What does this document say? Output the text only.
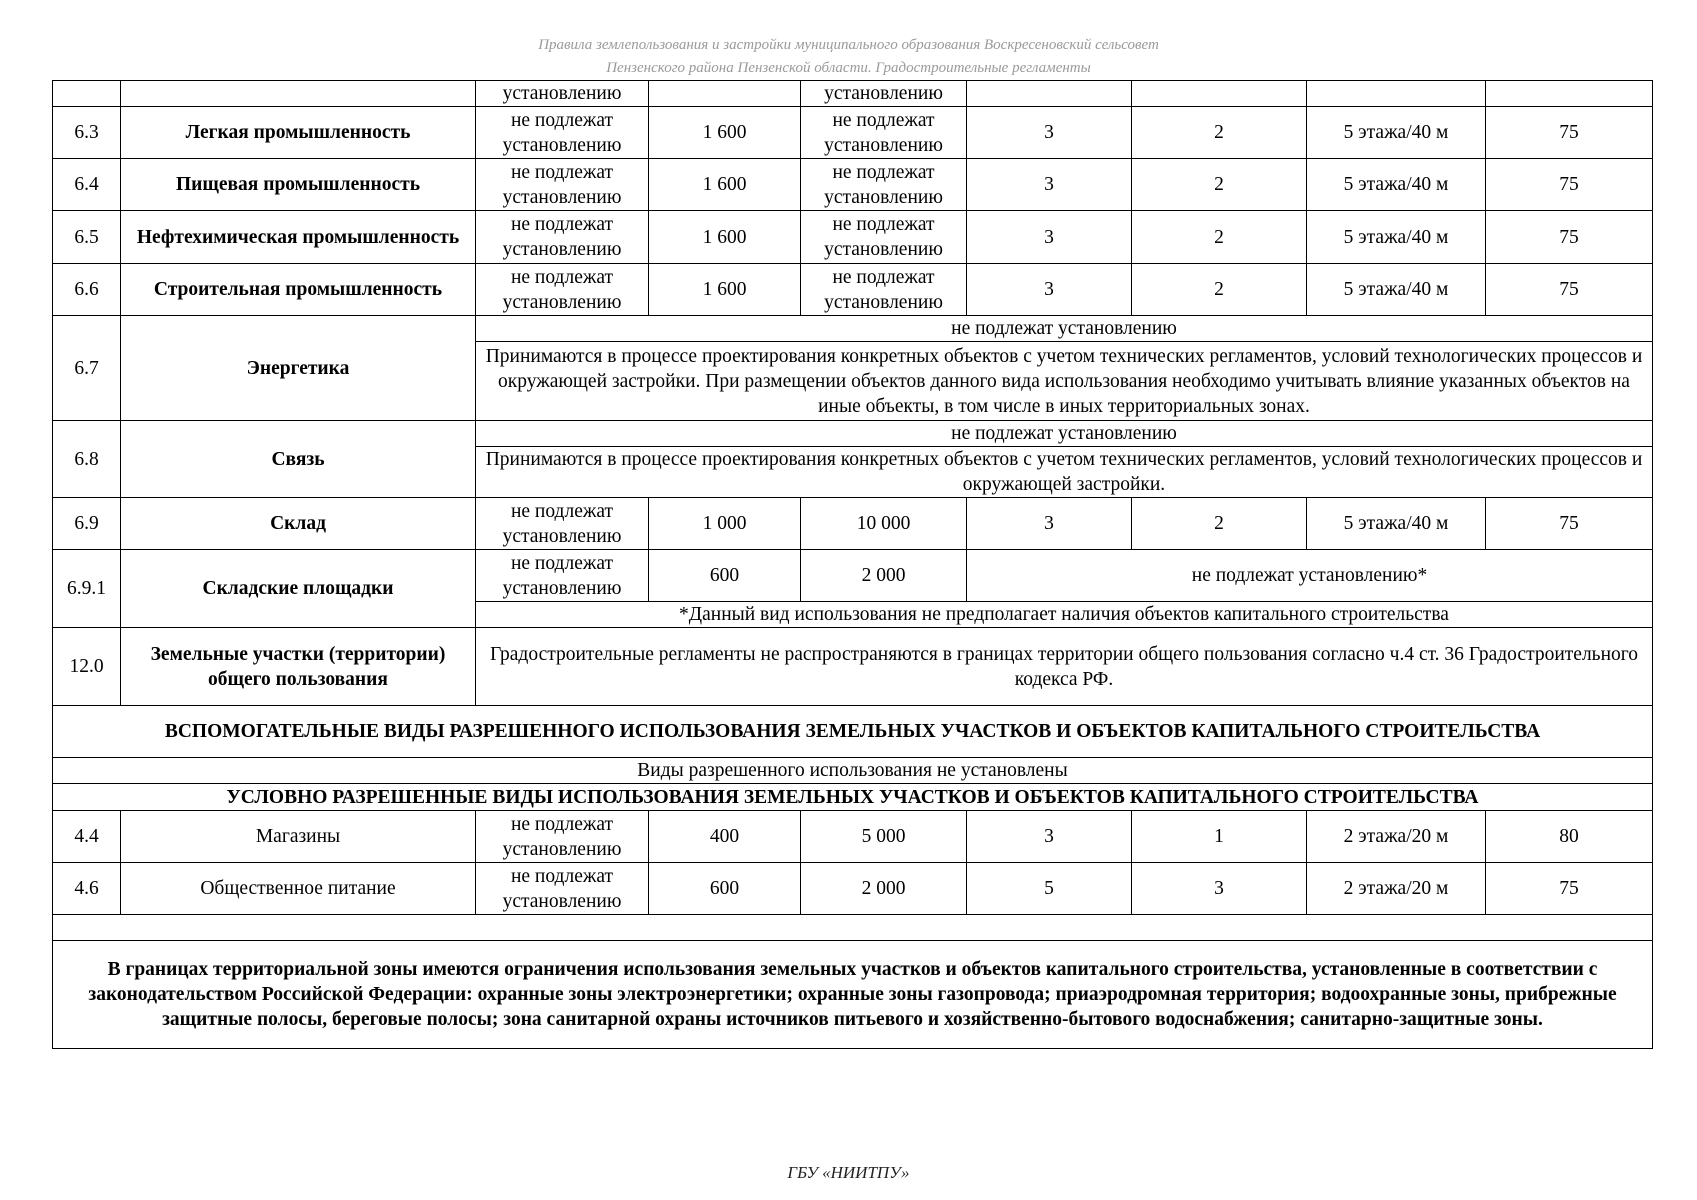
Правила землепользования и застройки муниципального образования Воскресеновский сельсовет
Пензенского района Пензенской области. Градостроительные регламенты
		установлению		установлению				
6.3	Легкая промышленность	не подлежат установлению	1 600	не подлежат установлению	3	2	5 этажа/40 м	75
6.4	Пищевая промышленность	не подлежат установлению	1 600	не подлежат установлению	3	2	5 этажа/40 м	75
6.5	Нефтехимическая промышленность	не подлежат установлению	1 600	не подлежат установлению	3	2	5 этажа/40 м	75
6.6	Строительная промышленность	не подлежат установлению	1 600	не подлежат установлению	3	2	5 этажа/40 м	75
6.7	Энергетика	не подлежат установлению						
		Принимаются в процессе проектирования конкретных объектов с учетом технических регламентов, условий технологических процессов и окружающей застройки. При размещении объектов данного вида использования необходимо учитывать влияние указанных объектов на иные объекты, в том числе в иных территориальных зонах.						
6.8	Связь	не подлежат установлению						
		Принимаются в процессе проектирования конкретных объектов с учетом технических регламентов, условий технологических процессов и окружающей застройки.						
6.9	Склад	не подлежат установлению	1 000	10 000	3	2	5 этажа/40 м	75
6.9.1	Складские площадки	не подлежат установлению	600	2 000	не подлежат установлению*			
		*Данный вид использования не предполагает наличия объектов капитального строительства						
12.0	Земельные участки (территории) общего пользования	Градостроительные регламенты не распространяются в границах территории общего пользования согласно ч.4 ст. 36 Градостроительного кодекса РФ.						
ВСПОМОГАТЕЛЬНЫЕ ВИДЫ РАЗРЕШЕННОГО ИСПОЛЬЗОВАНИЯ ЗЕМЕЛЬНЫХ УЧАСТКОВ И ОБЪЕКТОВ КАПИТАЛЬНОГО СТРОИТЕЛЬСТВА								
Виды разрешенного использования не установлены								
УСЛОВНО РАЗРЕШЕННЫЕ ВИДЫ ИСПОЛЬЗОВАНИЯ ЗЕМЕЛЬНЫХ УЧАСТКОВ И ОБЪЕКТОВ КАПИТАЛЬНОГО СТРОИТЕЛЬСТВА								
4.4	Магазины	не подлежат установлению	400	5 000	3	1	2 этажа/20 м	80
4.6	Общественное питание	не подлежат установлению	600	2 000	5	3	2 этажа/20 м	75

В границах территориальной зоны имеются ограничения использования земельных участков и объектов капитального строительства, установленные в соответствии с законодательством Российской Федерации: охранные зоны электроэнергетики; охранные зоны газопровода; приаэродромная территория; водоохранные зоны, прибрежные защитные полосы, береговые полосы; зона санитарной охраны источников питьевого и хозяйственно-бытового водоснабжения; санитарно-защитные зоны.								
ГБУ «НИИТПУ»
